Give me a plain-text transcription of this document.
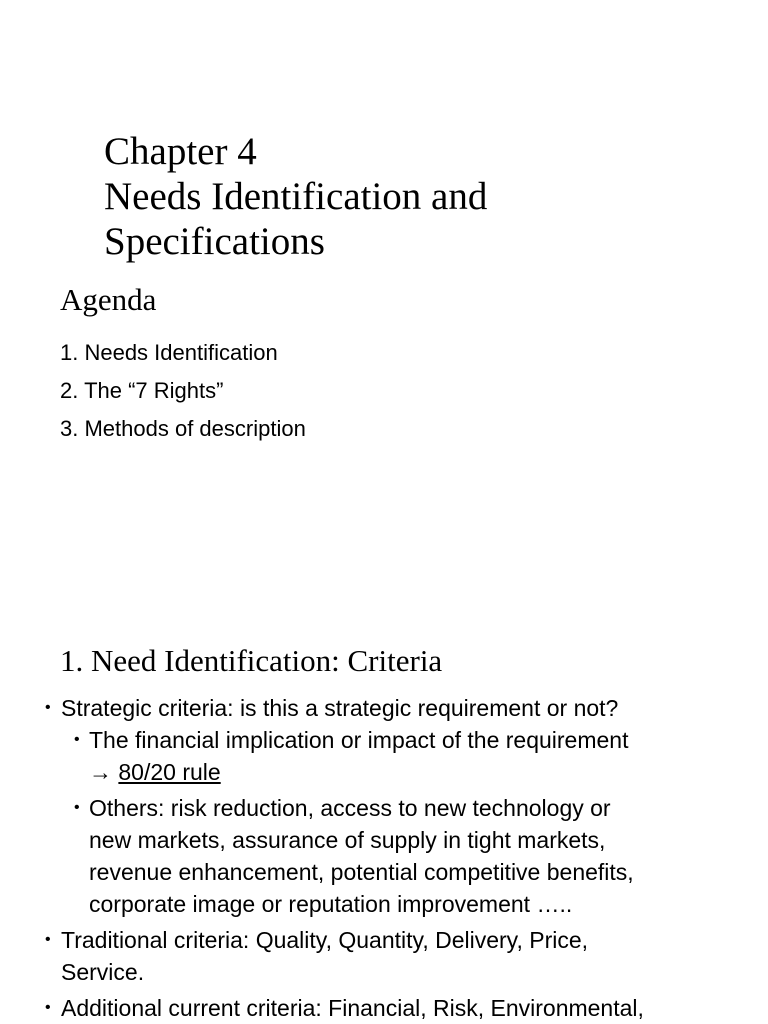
Chapter 4
Needs Identification and
Specifications
Agenda
1. Needs Identification
2. The “7 Rights”
3. Methods of description
1. Need Identification: Criteria
• Strategic criteria: is this a strategic requirement or not?
• The financial implication or impact of the requirement
→ 80/20 rule
• Others: risk reduction, access to new technology or
new markets, assurance of supply in tight markets,
revenue enhancement, potential competitive benefits,
corporate image or reputation improvement …..
• Traditional criteria: Quality, Quantity, Delivery, Price,
Service.
• Additional current criteria: Financial, Risk, Environmental,
